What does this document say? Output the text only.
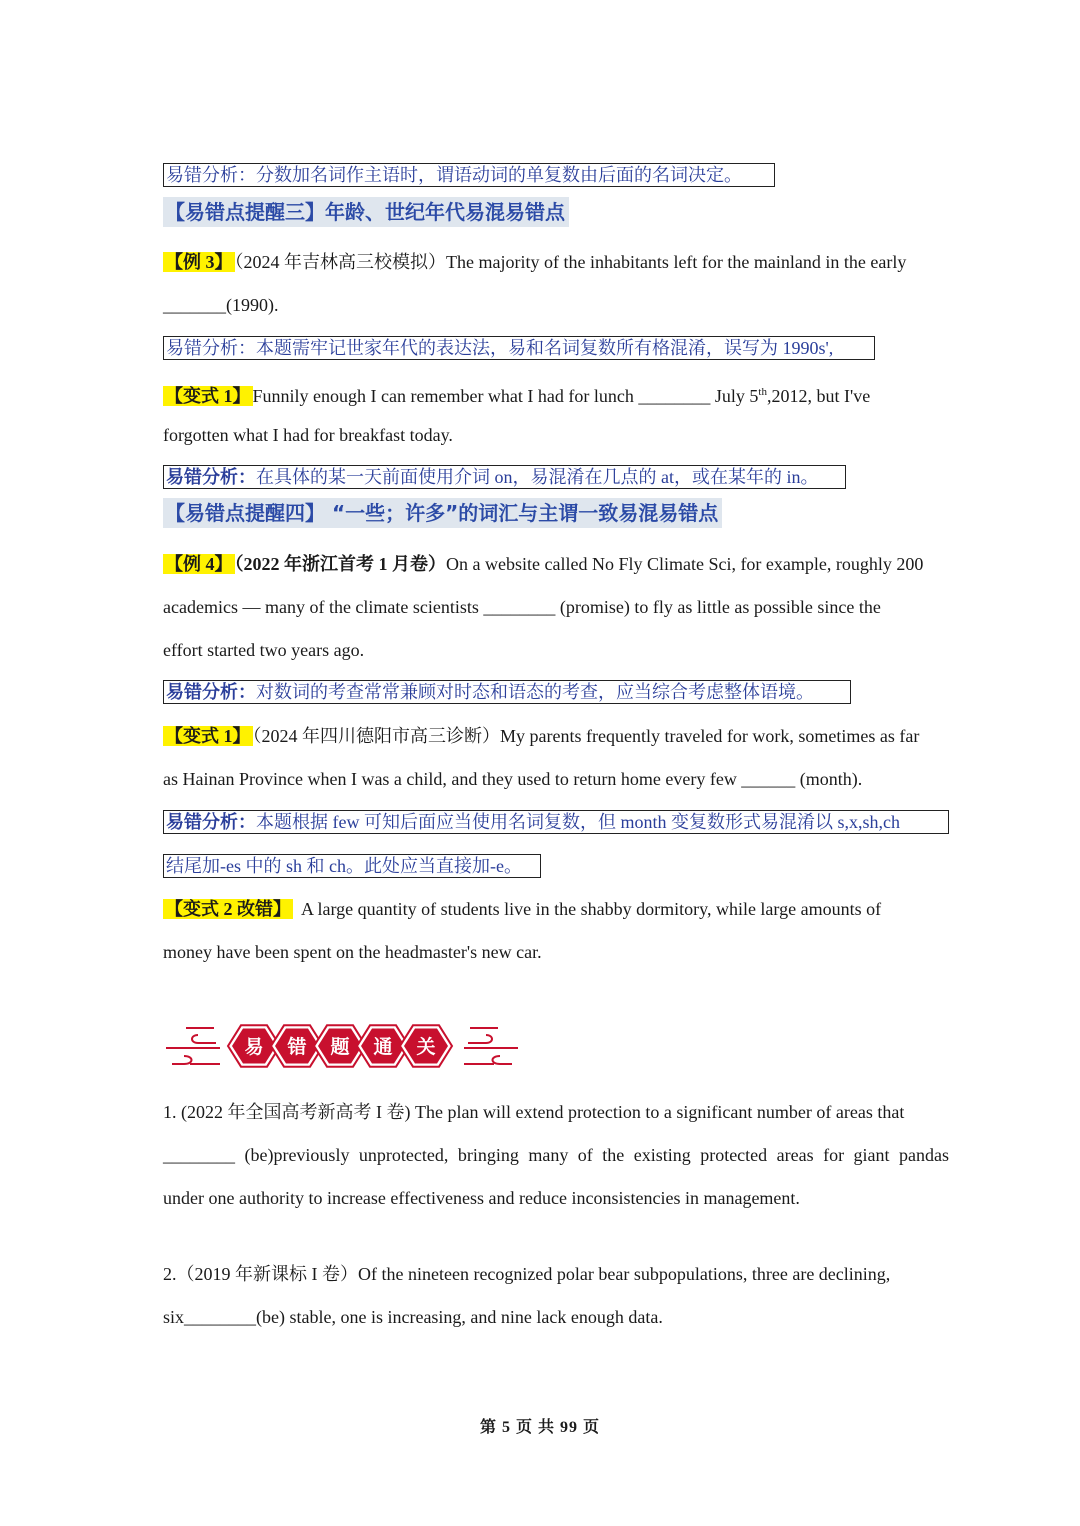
易错分析：分数加名词作主语时，谓语动词的单复数由后面的名词决定。
【易错点提醒三】年龄、世纪年代易混易错点
【例 3】 （2024 年吉林高三校模拟）The majority of the inhabitants left for the mainland in the early
_______(1990).
易错分析：本题需牢记世家年代的表达法，易和名词复数所有格混淆，误写为 1990s',
【变式 1】 Funnily enough I can remember what I had for lunch ________ July 5th,2012, but I've
forgotten what I had for breakfast today.
易错分析：在具体的某一天前面使用介词 on，易混淆在几点的 at，或在某年的 in。
【易错点提醒四】 “一些；许多”的词汇与主谓一致易混易错点
【例 4】 （2022 年浙江首考 1 月卷）On a website called No Fly Climate Sci, for example, roughly 200
academics — many of the climate scientists ________ (promise) to fly as little as possible since the
effort started two years ago.
易错分析：对数词的考查常常兼顾对时态和语态的考查，应当综合考虑整体语境。
【变式 1】 （2024 年四川德阳市高三诊断）My parents frequently traveled for work, sometimes as far
as Hainan Province when I was a child, and they used to return home every few ______ (month).
易错分析：本题根据 few 可知后面应当使用名词复数，但 month 变复数形式易混淆以 s,x,sh,ch
结尾加-es 中的 sh 和 ch。此处应当直接加-e。
【变式 2 改错】 A large quantity of students live in the shabby dormitory, while large amounts of
money have been spent on the headmaster's new car.
易 错 题 通 关
1. (2022 年全国高考新高考 I 卷) The plan will extend protection to a significant number of areas that
________ (be)previously unprotected, bringing many of the existing protected areas for giant pandas
under one authority to increase effectiveness and reduce inconsistencies in management.
2.（2019 年新课标 I 卷）Of the nineteen recognized polar bear subpopulations, three are declining,
six________(be) stable, one is increasing, and nine lack enough data.
第 5 页 共 99 页
